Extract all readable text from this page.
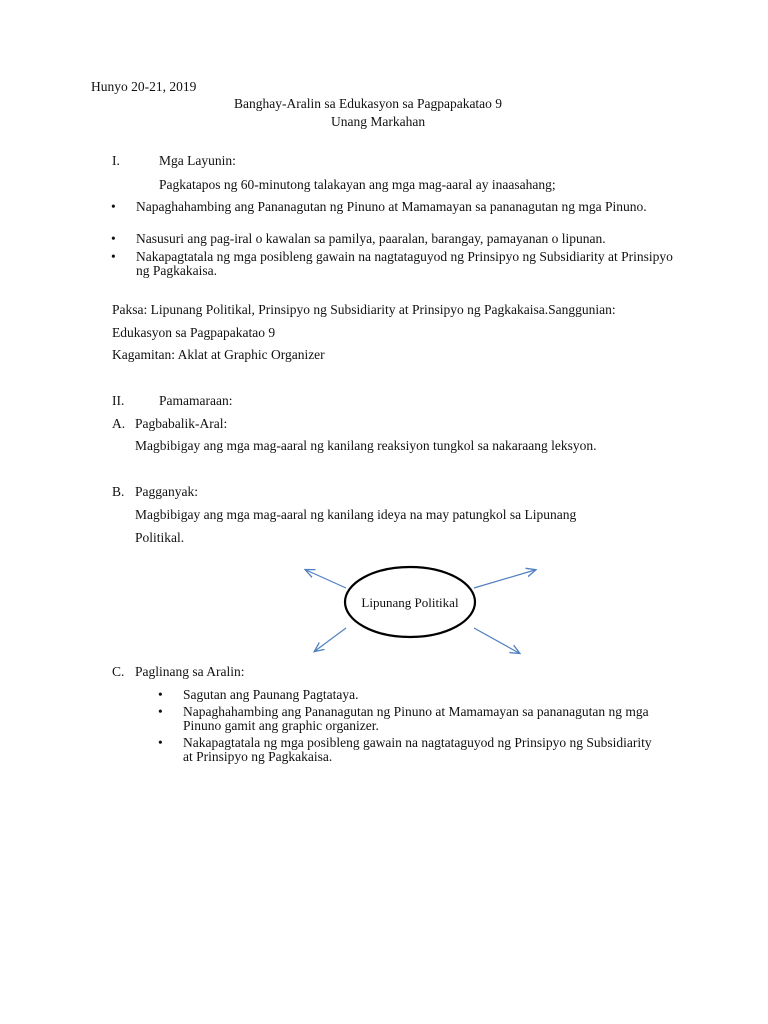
Hunyo 20-21, 2019
Banghay-Aralin sa Edukasyon sa Pagpapakatao 9
Unang Markahan
I.	Mga Layunin:
Pagkatapos ng 60-minutong talakayan ang mga mag-aaral ay inaasahang;
• Napaghahambing ang Pananagutan ng Pinuno at Mamamayan sa pananagutan ng mga Pinuno.
• Nasusuri ang pag-iral o kawalan sa pamilya, paaralan, barangay, pamayanan o lipunan.
• Nakapagtatala ng mga posibleng gawain na nagtataguyod ng Prinsipyo ng Subsidiarity at Prinsipyo ng Pagkakaisa.
Paksa: Lipunang Politikal, Prinsipyo ng Subsidiarity at Prinsipyo ng Pagkakaisa.Sanggunian:
Edukasyon sa Pagpapakatao 9
Kagamitan: Aklat at Graphic Organizer
II.	Pamamaraan:
A. Pagbabalik-Aral:
Magbibigay ang mga mag-aaral ng kanilang reaksiyon tungkol sa nakaraang leksyon.
B. Pagganyak:
Magbibigay ang mga mag-aaral ng kanilang ideya na may patungkol sa Lipunang
Politikal.
Lipunang Politikal
C. Paglinang sa Aralin:
• Sagutan ang Paunang Pagtataya.
• Napaghahambing ang Pananagutan ng Pinuno at Mamamayan sa pananagutan ng mga Pinuno gamit ang graphic organizer.
• Nakapagtatala ng mga posibleng gawain na nagtataguyod ng Prinsipyo ng Subsidiarity at Prinsipyo ng Pagkakaisa.
